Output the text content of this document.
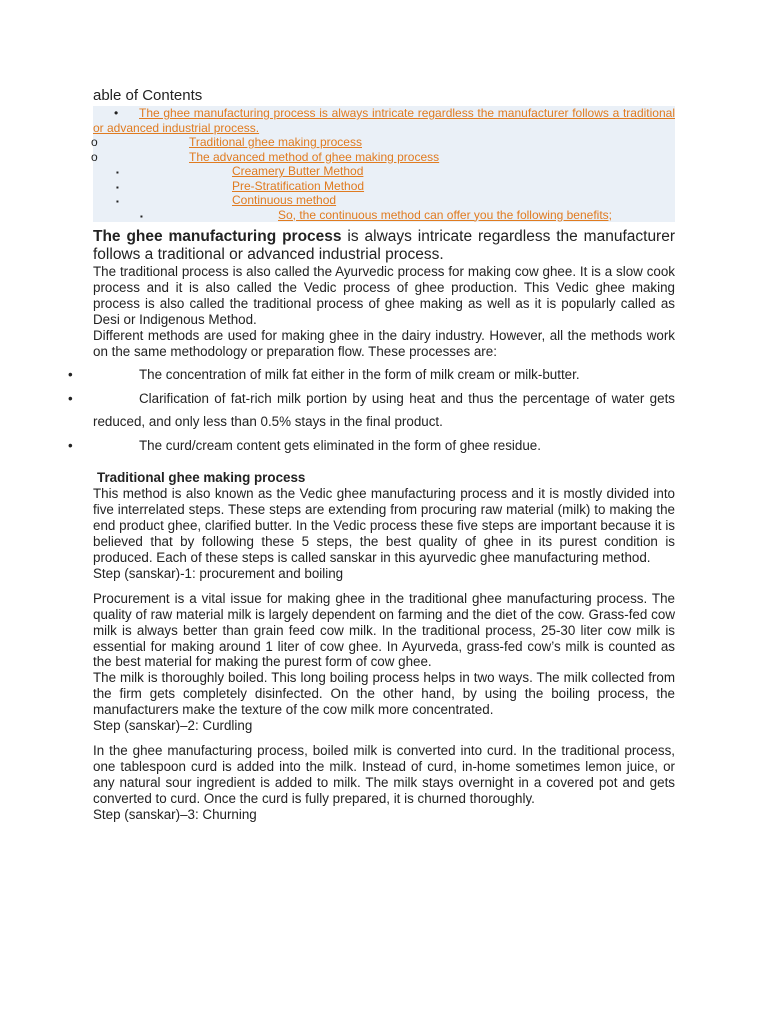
able of Contents
• The ghee manufacturing process is always intricate regardless the manufacturer follows a traditional or advanced industrial process.
o	Traditional ghee making process
o	The advanced method of ghee making process
▪	Creamery Butter Method
▪	Pre-Stratification Method
▪	Continuous method
▪	So, the continuous method can offer you the following benefits;

The ghee manufacturing process is always intricate regardless the manufacturer follows a traditional or advanced industrial process.

The traditional process is also called the Ayurvedic process for making cow ghee. It is a slow cook process and it is also called the Vedic process of ghee production. This Vedic ghee making process is also called the traditional process of ghee making as well as it is popularly called as Desi or Indigenous Method.

Different methods are used for making ghee in the dairy industry. However, all the methods work on the same methodology or preparation flow. These processes are:

•	The concentration of milk fat either in the form of milk cream or milk-butter.
•	Clarification of fat-rich milk portion by using heat and thus the percentage of water gets reduced, and only less than 0.5% stays in the final product.
•	The curd/cream content gets eliminated in the form of ghee residue.

Traditional ghee making process

This method is also known as the Vedic ghee manufacturing process and it is mostly divided into five interrelated steps. These steps are extending from procuring raw material (milk) to making the end product ghee, clarified butter. In the Vedic process these five steps are important because it is believed that by following these 5 steps, the best quality of ghee in its purest condition is produced. Each of these steps is called sanskar in this ayurvedic ghee manufacturing method.

Step (sanskar)-1: procurement and boiling

Procurement is a vital issue for making ghee in the traditional ghee manufacturing process. The quality of raw material milk is largely dependent on farming and the diet of the cow. Grass-fed cow milk is always better than grain feed cow milk. In the traditional process, 25-30 liter cow milk is essential for making around 1 liter of cow ghee. In Ayurveda, grass-fed cow’s milk is counted as the best material for making the purest form of cow ghee.

The milk is thoroughly boiled. This long boiling process helps in two ways. The milk collected from the firm gets completely disinfected. On the other hand, by using the boiling process, the manufacturers make the texture of the cow milk more concentrated.

Step (sanskar)–2: Curdling

In the ghee manufacturing process, boiled milk is converted into curd. In the traditional process, one tablespoon curd is added into the milk. Instead of curd, in-home sometimes lemon juice, or any natural sour ingredient is added to milk. The milk stays overnight in a covered pot and gets converted to curd. Once the curd is fully prepared, it is churned thoroughly.

Step (sanskar)–3: Churning
